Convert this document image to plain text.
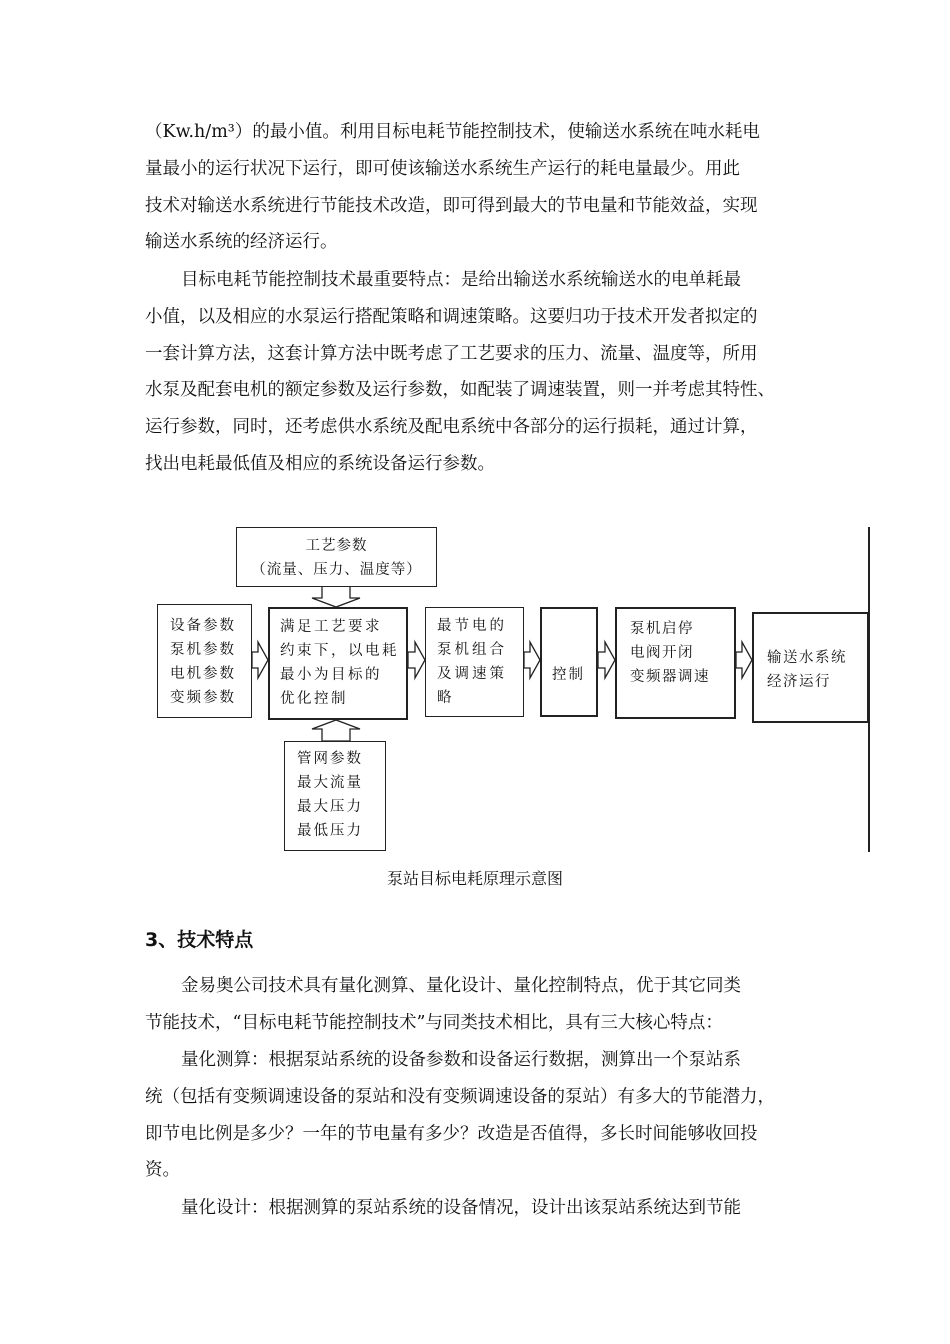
（Kw.h/m³）的最小值。利用目标电耗节能控制技术，使输送水系统在吨水耗电
量最小的运行状况下运行，即可使该输送水系统生产运行的耗电量最少。用此
技术对输送水系统进行节能技术改造，即可得到最大的节电量和节能效益，实现
输送水系统的经济运行。
目标电耗节能控制技术最重要特点：是给出输送水系统输送水的电单耗最
小值，以及相应的水泵运行搭配策略和调速策略。这要归功于技术开发者拟定的
一套计算方法，这套计算方法中既考虑了工艺要求的压力、流量、温度等，所用
水泵及配套电机的额定参数及运行参数，如配装了调速装置，则一并考虑其特性、
运行参数，同时，还考虑供水系统及配电系统中各部分的运行损耗，通过计算，
找出电耗最低值及相应的系统设备运行参数。
工艺参数
（流量、压力、温度等）
设备参数
泵机参数
电机参数
变频参数
满足工艺要求
约束下，以电耗
最小为目标的
优化控制
最节电的
泵机组合
及调速策
略
控制
泵机启停
电阀开闭
变频器调速
输送水系统
经济运行
管网参数
最大流量
最大压力
最低压力
泵站目标电耗原理示意图
3、技术特点
金易奥公司技术具有量化测算、量化设计、量化控制特点，优于其它同类
节能技术，“目标电耗节能控制技术”与同类技术相比，具有三大核心特点：
量化测算：根据泵站系统的设备参数和设备运行数据，测算出一个泵站系
统（包括有变频调速设备的泵站和没有变频调速设备的泵站）有多大的节能潜力，
即节电比例是多少？一年的节电量有多少？改造是否值得，多长时间能够收回投
资。
量化设计：根据测算的泵站系统的设备情况，设计出该泵站系统达到节能
